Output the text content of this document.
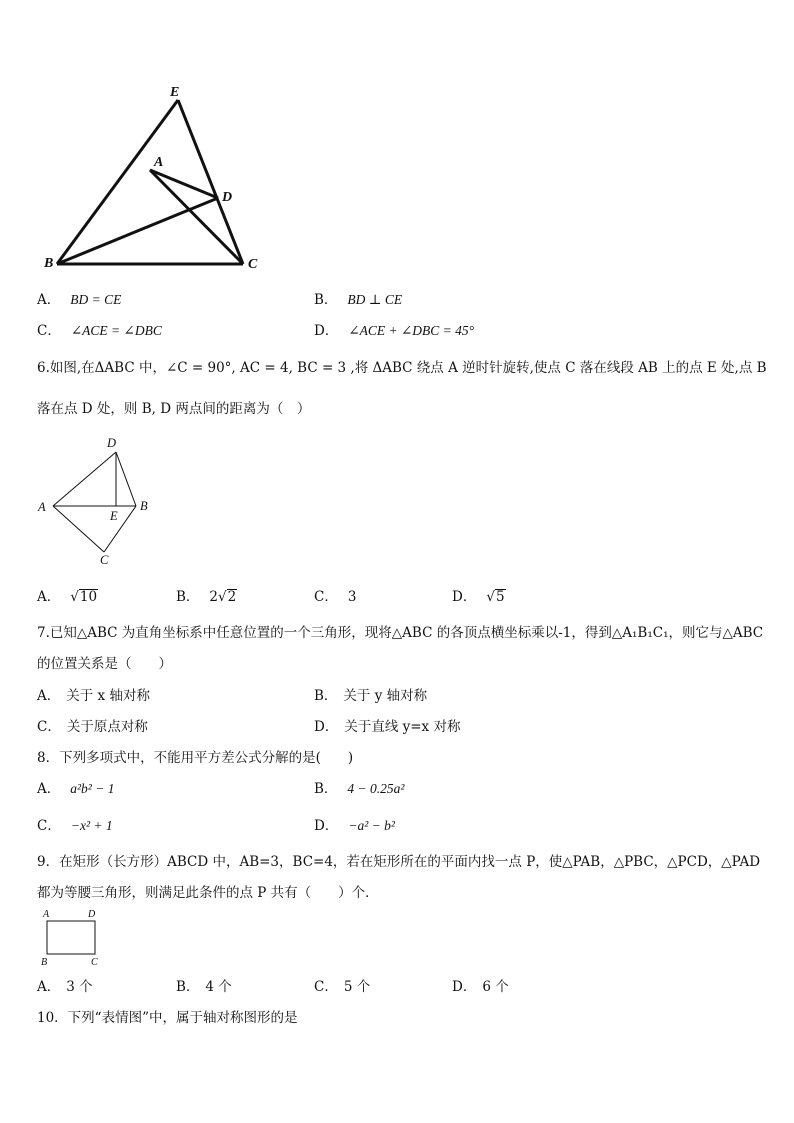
E
A
D
B	C
A． BD = CE	B． BD ⊥ CE
C． ∠ACE = ∠DBC	D． ∠ACE + ∠DBC = 45°
6.如图,在ΔABC 中，∠C = 90°, AC = 4, BC = 3 ,将 ΔABC 绕点 A 逆时针旋转,使点 C 落在线段 AB 上的点 E 处,点 B
落在点 D 处，则 B, D 两点间的距离为（　）
D
A
E
B
C
A． √10	B． 2√2	C． 3	D． √5
7.已知△ABC 为直角坐标系中任意位置的一个三角形，现将△ABC 的各顶点横坐标乘以-1，得到△A₁B₁C₁，则它与△ABC
的位置关系是（　　）
A． 关于 x 轴对称	B． 关于 y 轴对称
C． 关于原点对称	D． 关于直线 y=x 对称
8．下列多项式中，不能用平方差公式分解的是(　　)
A． a²b² − 1	B． 4 − 0.25a²
C． −x² + 1	D． −a² − b²
9．在矩形（长方形）ABCD 中，AB=3，BC=4，若在矩形所在的平面内找一点 P，使△PAB，△PBC，△PCD，△PAD
都为等腰三角形，则满足此条件的点 P 共有（　　）个．
A	D
B	C
A． 3 个	B． 4 个	C． 5 个	D． 6 个
10．下列“表情图”中，属于轴对称图形的是
